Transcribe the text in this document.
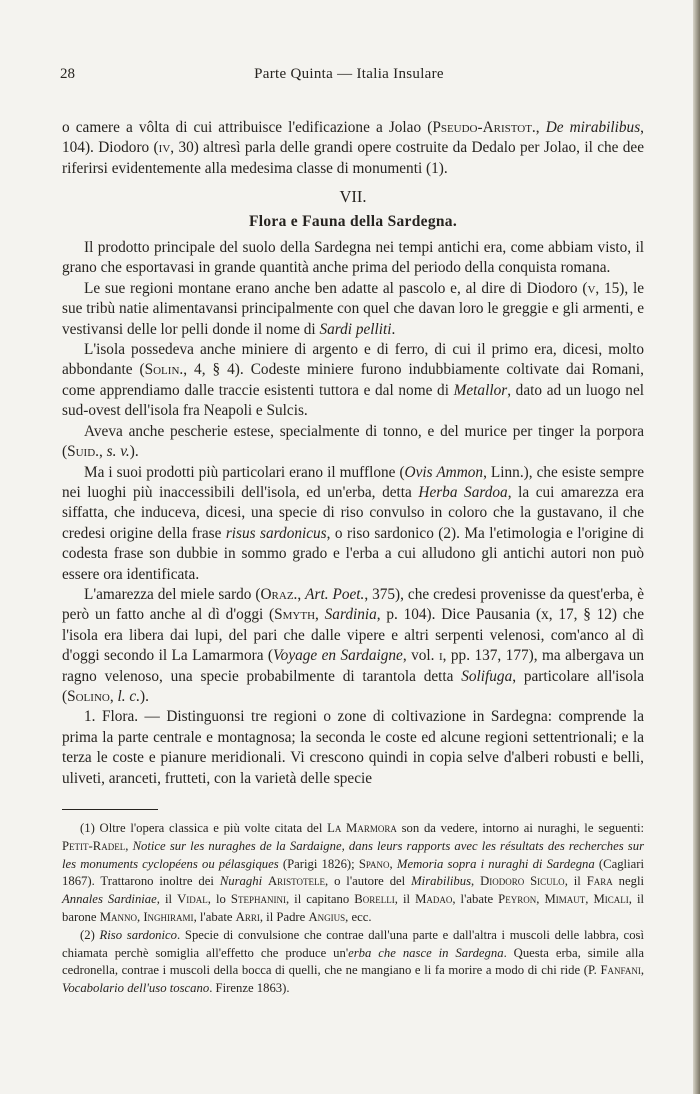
28	Parte Quinta — Italia Insulare

o camere a vôlta di cui attribuisce l'edificazione a Jolao (Pseudo-Aristot., De mirabilibus, 104). Diodoro (iv, 30) altresì parla delle grandi opere costruite da Dedalo per Jolao, il che dee riferirsi evidentemente alla medesima classe di monumenti (1).

VII.
Flora e Fauna della Sardegna.

Il prodotto principale del suolo della Sardegna nei tempi antichi era, come abbiam visto, il grano che esportavasi in grande quantità anche prima del periodo della conquista romana.

Le sue regioni montane erano anche ben adatte al pascolo e, al dire di Diodoro (v, 15), le sue tribù natie alimentavansi principalmente con quel che davan loro le greggie e gli armenti, e vestivansi delle lor pelli donde il nome di Sardi pelliti.

L'isola possedeva anche miniere di argento e di ferro, di cui il primo era, dicesi, molto abbondante (Solin., 4, § 4). Codeste miniere furono indubbiamente coltivate dai Romani, come apprendiamo dalle traccie esistenti tuttora e dal nome di Metallor, dato ad un luogo nel sud-ovest dell'isola fra Neapoli e Sulcis.

Aveva anche pescherie estese, specialmente di tonno, e del murice per tinger la porpora (Suid., s. v.).

Ma i suoi prodotti più particolari erano il mufflone (Ovis Ammon, Linn.), che esiste sempre nei luoghi più inaccessibili dell'isola, ed un'erba, detta Herba Sardoa, la cui amarezza era siffatta, che induceva, dicesi, una specie di riso convulso in coloro che la gustavano, il che credesi origine della frase risus sardonicus, o riso sardonico (2). Ma l'etimologia e l'origine di codesta frase son dubbie in sommo grado e l'erba a cui alludono gli antichi autori non può essere ora identificata.

L'amarezza del miele sardo (Oraz., Art. Poet., 375), che credesi provenisse da quest'erba, è però un fatto anche al dì d'oggi (Smyth, Sardinia, p. 104). Dice Pausania (x, 17, § 12) che l'isola era libera dai lupi, del pari che dalle vipere e altri serpenti velenosi, com'anco al dì d'oggi secondo il La Lamarmora (Voyage en Sardaigne, vol. i, pp. 137, 177), ma albergava un ragno velenoso, una specie probabilmente di tarantola detta Solifuga, particolare all'isola (Solino, l. c.).

1. Flora. — Distinguonsi tre regioni o zone di coltivazione in Sardegna: comprende la prima la parte centrale e montagnosa; la seconda le coste ed alcune regioni settentrionali; e la terza le coste e pianure meridionali. Vi crescono quindi in copia selve d'alberi robusti e belli, uliveti, aranceti, frutteti, con la varietà delle specie

(1) Oltre l'opera classica e più volte citata del La Marmora son da vedere, intorno ai nuraghi, le seguenti: Petit-Radel, Notice sur les nuraghes de la Sardaigne, dans leurs rapports avec les résultats des recherches sur les monuments cyclopéens ou pélasgiques (Parigi 1826); Spano, Memoria sopra i nuraghi di Sardegna (Cagliari 1867). Trattarono inoltre dei Nuraghi Aristotele, o l'autore del Mirabilibus, Diodoro Siculo, il Fara negli Annales Sardiniae, il Vidal, lo Stephanini, il capitano Borelli, il Madao, l'abate Peyron, Mimaut, Micali, il barone Manno, Inghirami, l'abate Arri, il Padre Angius, ecc.

(2) Riso sardonico. Specie di convulsione che contrae dall'una parte e dall'altra i muscoli delle labbra, così chiamata perchè somiglia all'effetto che produce un'erba che nasce in Sardegna. Questa erba, simile alla cedronella, contrae i muscoli della bocca di quelli, che ne mangiano e li fa morire a modo di chi ride (P. Fanfani, Vocabolario dell'uso toscano. Firenze 1863).
